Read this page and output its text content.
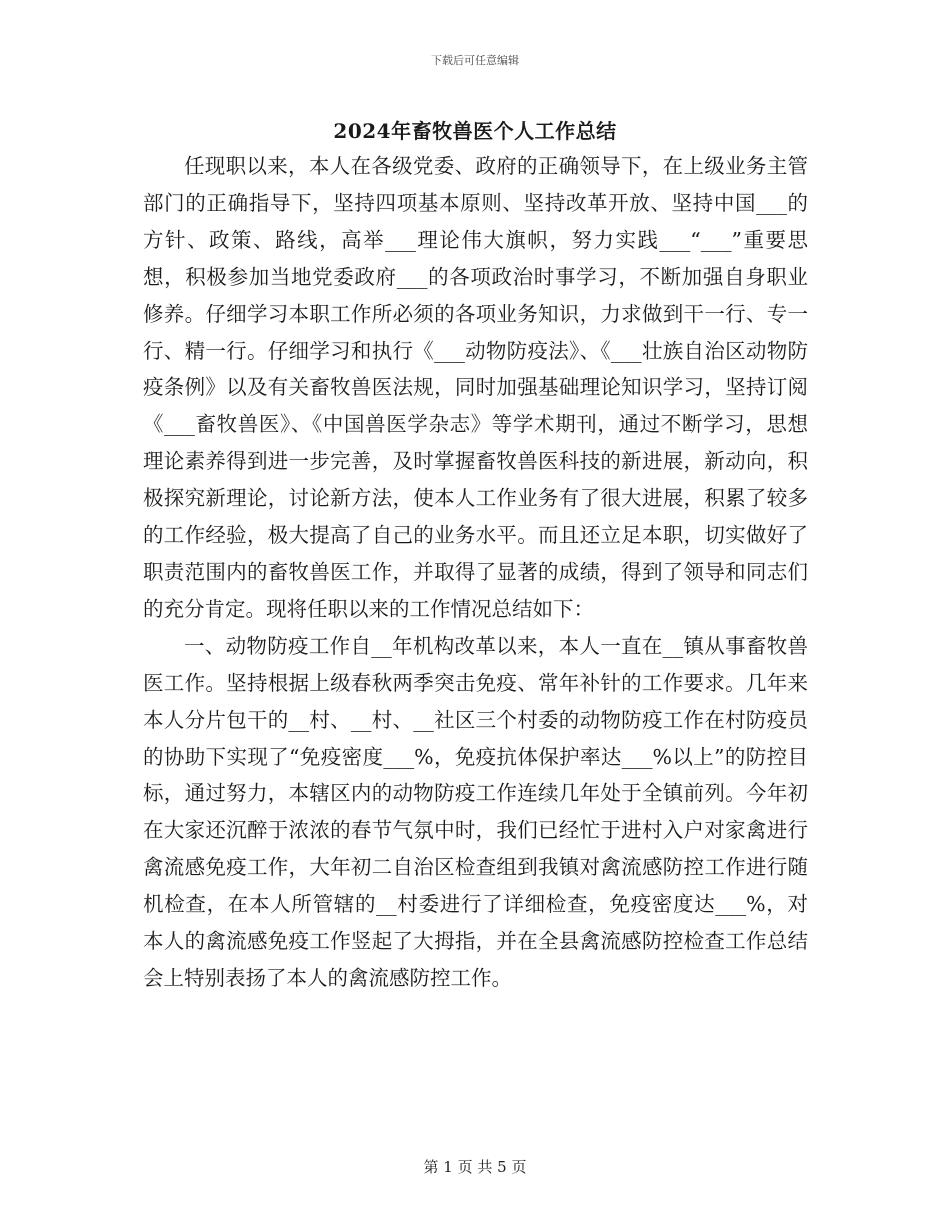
下载后可任意编辑
2024年畜牧兽医个人工作总结

任现职以来，本人在各级党委、政府的正确领导下，在上级业务主管部门的正确指导下，坚持四项基本原则、坚持改革开放、坚持中国___的方针、政策、路线，高举___理论伟大旗帜，努力实践___“___”重要思想，积极参加当地党委政府___的各项政治时事学习，不断加强自身职业修养。仔细学习本职工作所必须的各项业务知识，力求做到干一行、专一行、精一行。仔细学习和执行《___动物防疫法》、《___壮族自治区动物防疫条例》以及有关畜牧兽医法规，同时加强基础理论知识学习，坚持订阅《___畜牧兽医》、《中国兽医学杂志》等学术期刊，通过不断学习，思想理论素养得到进一步完善，及时掌握畜牧兽医科技的新进展，新动向，积极探究新理论，讨论新方法，使本人工作业务有了很大进展，积累了较多的工作经验，极大提高了自己的业务水平。而且还立足本职，切实做好了职责范围内的畜牧兽医工作，并取得了显著的成绩，得到了领导和同志们的充分肯定。现将任职以来的工作情况总结如下：

一、动物防疫工作自__年机构改革以来，本人一直在__镇从事畜牧兽医工作。坚持根据上级春秋两季突击免疫、常年补针的工作要求。几年来本人分片包干的__村、__村、__社区三个村委的动物防疫工作在村防疫员的协助下实现了“免疫密度___%，免疫抗体保护率达___%以上”的防控目标，通过努力，本辖区内的动物防疫工作连续几年处于全镇前列。今年初在大家还沉醉于浓浓的春节气氛中时，我们已经忙于进村入户对家禽进行禽流感免疫工作，大年初二自治区检查组到我镇对禽流感防控工作进行随机检查，在本人所管辖的__村委进行了详细检查，免疫密度达___%，对本人的禽流感免疫工作竖起了大拇指，并在全县禽流感防控检查工作总结会上特别表扬了本人的禽流感防控工作。

第 1 页 共 5 页
